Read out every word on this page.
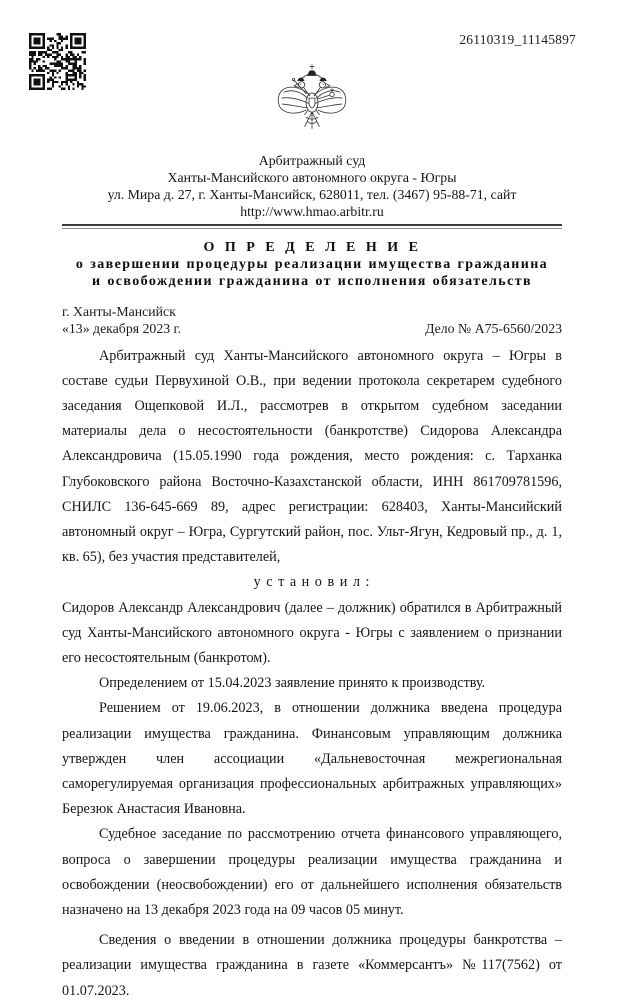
26110319_11145897
Арбитражный суд
Ханты-Мансийского автономного округа - Югры
ул. Мира д. 27, г. Ханты-Мансийск, 628011, тел. (3467) 95-88-71, сайт
http://www.hmao.arbitr.ru
О П Р Е Д Е Л Е Н И Е
о завершении процедуры реализации имущества гражданина
и освобождении гражданина от исполнения обязательств
г. Ханты-Мансийск
«13» декабря 2023 г.	Дело № А75-6560/2023

Арбитражный суд Ханты-Мансийского автономного округа – Югры в составе судьи Первухиной О.В., при ведении протокола секретарем судебного заседания Ощепковой И.Л., рассмотрев в открытом судебном заседании материалы дела о несостоятельности (банкротстве) Сидорова Александра Александровича (15.05.1990 года рождения, место рождения: с. Тарханка Глубоковского района Восточно-Казахстанской области, ИНН 861709781596, СНИЛС 136-645-669 89, адрес регистрации: 628403, Ханты-Мансийский автономный округ – Югра, Сургутский район, пос. Ульт-Ягун, Кедровый пр., д. 1, кв. 65), без участия представителей,

у с т а н о в и л :

Сидоров Александр Александрович (далее – должник) обратился в Арбитражный суд Ханты-Мансийского автономного округа - Югры с заявлением о признании его несостоятельным (банкротом).

Определением от 15.04.2023 заявление принято к производству.

Решением от 19.06.2023, в отношении должника введена процедура реализации имущества гражданина. Финансовым управляющим должника утвержден член ассоциации «Дальневосточная межрегиональная саморегулируемая организация профессиональных арбитражных управляющих» Березюк Анастасия Ивановна.

Судебное заседание по рассмотрению отчета финансового управляющего, вопроса о завершении процедуры реализации имущества гражданина и освобождении (неосвобождении) его от дальнейшего исполнения обязательств назначено на 13 декабря 2023 года на 09 часов 05 минут.

Сведения о введении в отношении должника процедуры банкротства – реализации имущества гражданина в газете «Коммерсантъ» №117(7562) от 01.07.2023.
